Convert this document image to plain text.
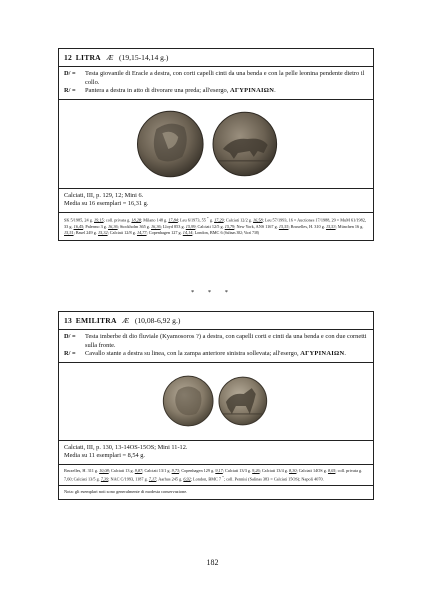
12 LITRA Æ (19,15-14,14 g.)
D/ =	Testa giovanile di Eracle a destra, con corti capelli cinti da una benda e con la pelle leonina pendente dietro il collo.
R/ =	Pantera a destra in atto di divorare una preda; all'esergo, ΑΓΥΡΙΝΑΙΩΝ.
Calciati, III, p. 129, 12; Mini 6.
Media su 16 esemplari = 16,31 g.
SK 5/1985, 24 g. 19,15; coll. privata g. 18,28; Milano 148 g. 17,84; Leu 6/1973, 55 * g. 17,29; Calciati 12/2 g. 16,58; Leu 57/1993, 16 = Auctiones 17/1988, 29 = MuM 61/1982, 33 g. 16,45; Palermo 3 g. 16,36; Stockholm 365 g. 16,36; Lloyd 853 g. 15,99; Calciati 12/5 g. 15,79; New York, ANS 1167 g. 15,55; Bruxelles, H. 310 g. 15,53; München 16 g. 15,51; Basel 249 g. 15,32; Calciati 12/8 g. 14,77; Copenhagen 127 g. 14,14; London, BMC 6 (Salinas 382; Virzì 738)
* * *
13 EMILITRA Æ (10,08-6,92 g.)
D/ =	Testa imberbe di dio fluviale (Kyamosoros ?) a destra, con capelli corti e cinti da una benda e con due cornetti sulla fronte.
R/ =	Cavallo stante a destra su linea, con la zampa anteriore sinistra sollevata; all'esergo, ΑΓΥΡΙΝΑΙΩΝ.
Calciati, III, p. 130, 13-14OS-15OS; Mini 11-12.
Media su 11 esemplari = 8,54 g.
Bruxelles, H. 311 g. 10,08; Calciati 13 g. 9,87; Calciati 13/1 g. 9,73; Copenhagen 129 g. 9,17; Calciati 13/3 g. 9,26; Calciati 13/4 g. 8,30; Calciati 14OS g. 8,05; coll. privata g. 7,60; Calciati 13/5 g. 7,39; NAC C/1993, 1187 g. 7,17; Aarhus 245 g. 6,92; London, BMC 7 *; coll. Pennisi (Salinas 383 = Calciati 15OS); Napoli 4070.
Nota: gli esemplari noti sono generalmente di modesta conservazione.
182
